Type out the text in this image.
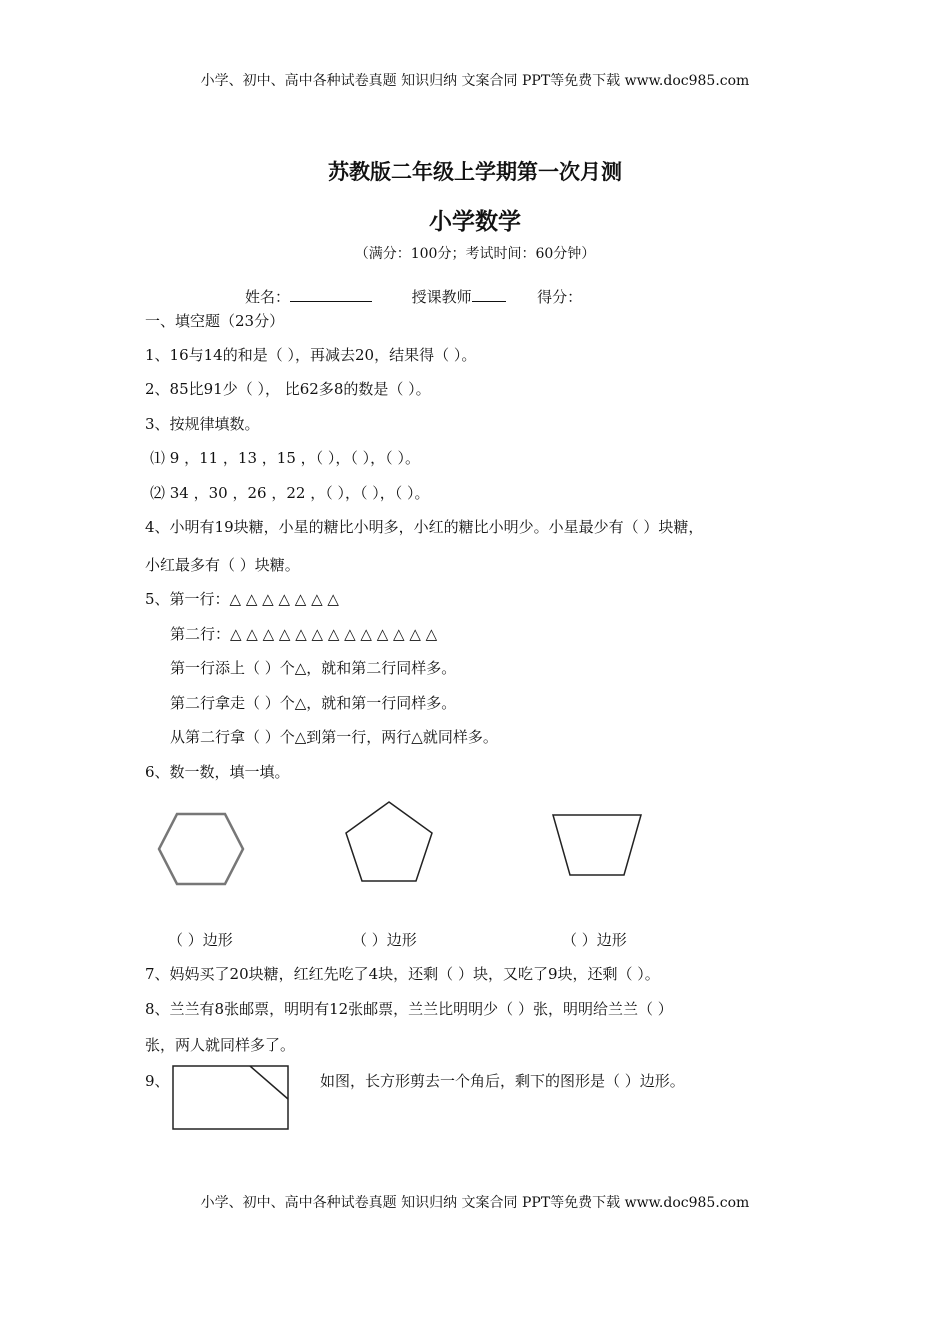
小学、初中、高中各种试卷真题 知识归纳 文案合同 PPT等免费下载 www.doc985.com
苏教版二年级上学期第一次月测
小学数学
（满分：100分；考试时间：60分钟）
姓名：	授课教师	得分：
一、填空题（23分）
1、16与14的和是（ ），再减去20，结果得（ ）。
2、85比91少（ ）， 比62多8的数是（ ）。
3、按规律填数。
⑴ 9 ，11 ，13 ，15 ，（ ），（ ），（ ）。
⑵ 34 ，30 ，26 ，22 ，（ ），（ ），（ ）。
4、小明有19块糖，小星的糖比小明多，小红的糖比小明少。小星最少有（ ）块糖，
小红最多有（ ）块糖。
5、第一行：△ △ △ △ △ △ △
第二行：△ △ △ △ △ △ △ △ △ △ △ △ △
第一行添上（ ）个△，就和第二行同样多。
第二行拿走（ ）个△，就和第一行同样多。
从第二行拿（ ）个△到第一行，两行△就同样多。
6、数一数，填一填。
（ ）边形	（ ）边形	（ ）边形
7、妈妈买了20块糖，红红先吃了4块，还剩（ ）块，又吃了9块，还剩（ ）。
8、兰兰有8张邮票，明明有12张邮票，兰兰比明明少（ ）张，明明给兰兰（ ）
张，两人就同样多了。
9、	如图，长方形剪去一个角后，剩下的图形是（ ）边形。
小学、初中、高中各种试卷真题 知识归纳 文案合同 PPT等免费下载 www.doc985.com
